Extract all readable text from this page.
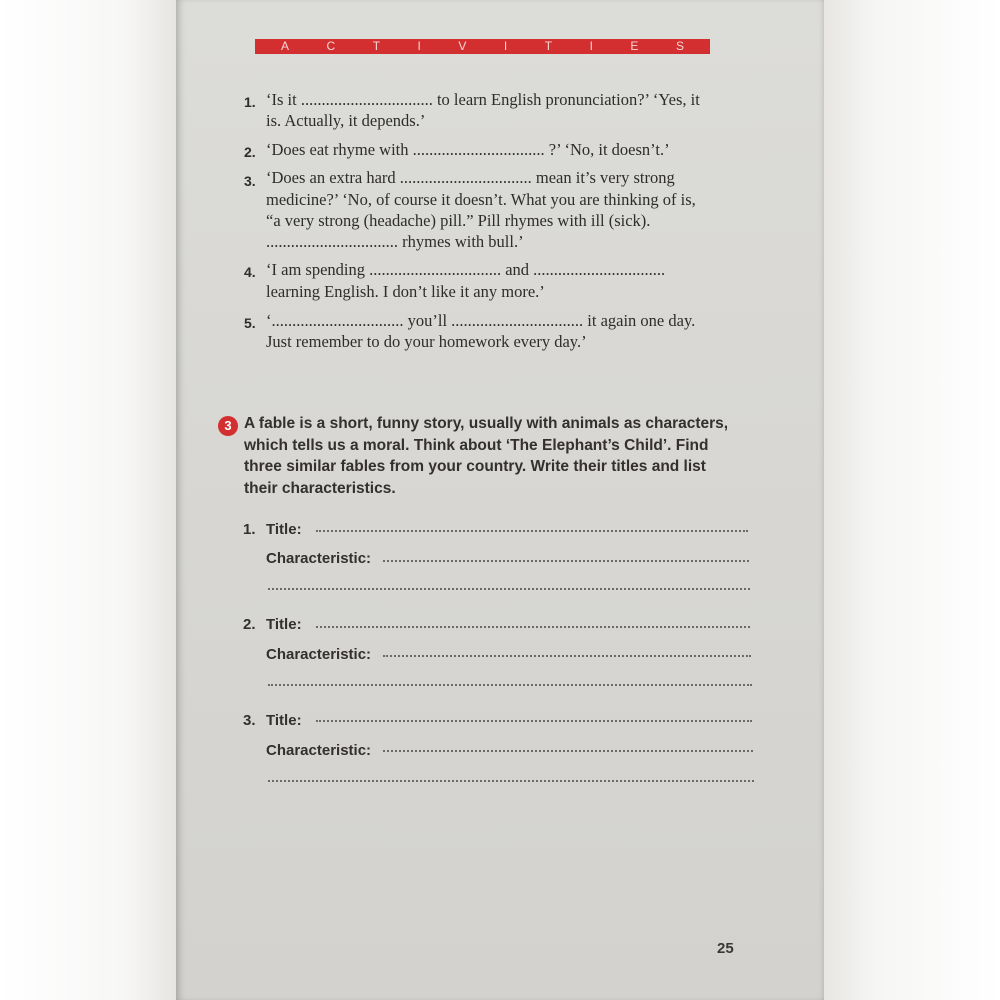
A	C	T	I	V	I	T	I	E	S
1. ‘Is it ................................ to learn English pronunciation?’ ‘Yes, it
is. Actually, it depends.’
2. ‘Does eat rhyme with ................................ ?’ ‘No, it doesn’t.’
3. ‘Does an extra hard ................................ mean it’s very strong
medicine?’ ‘No, of course it doesn’t. What you are thinking of is,
“a very strong (headache) pill.” Pill rhymes with ill (sick).
................................ rhymes with bull.’
4. ‘I am spending ................................ and ................................
learning English. I don’t like it any more.’
5. ‘................................ you’ll ................................ it again one day.
Just remember to do your homework every day.’
3 A fable is a short, funny story, usually with animals as characters,
which tells us a moral. Think about ‘The Elephant’s Child’. Find
three similar fables from your country. Write their titles and list
their characteristics.
1. Title:
Characteristic:
2. Title:
Characteristic:
3. Title:
Characteristic:
25
